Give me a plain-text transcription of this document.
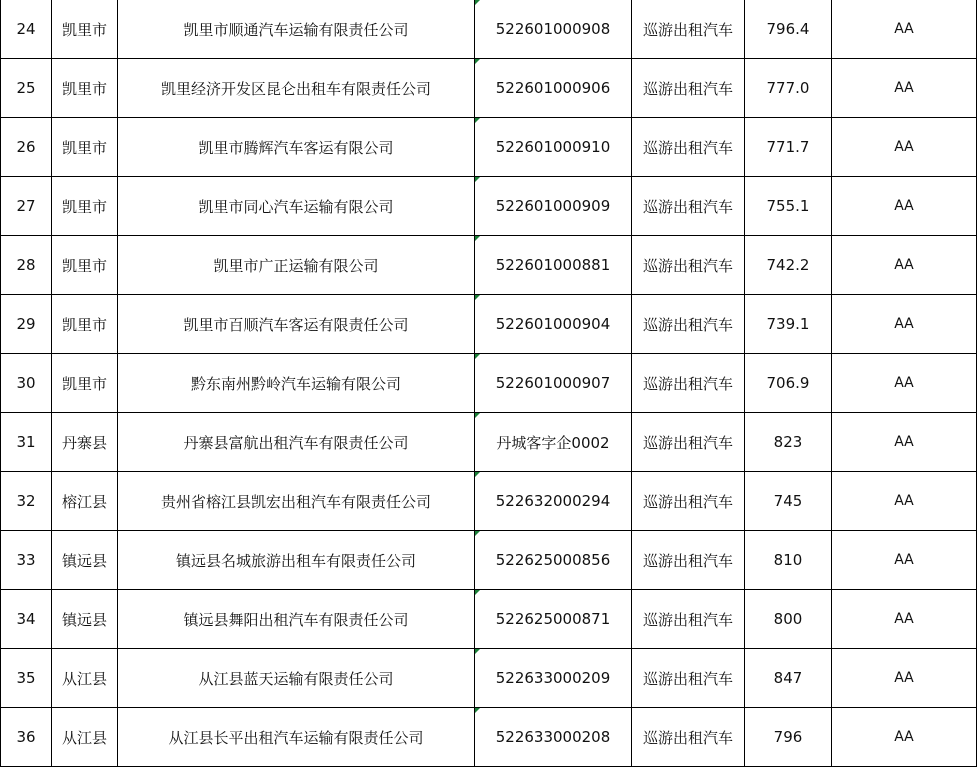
24	凯里市	凯里市顺通汽车运输有限责任公司	522601000908	巡游出租汽车	796.4	AA
25	凯里市	凯里经济开发区昆仑出租车有限责任公司	522601000906	巡游出租汽车	777.0	AA
26	凯里市	凯里市腾辉汽车客运有限公司	522601000910	巡游出租汽车	771.7	AA
27	凯里市	凯里市同心汽车运输有限公司	522601000909	巡游出租汽车	755.1	AA
28	凯里市	凯里市广正运输有限公司	522601000881	巡游出租汽车	742.2	AA
29	凯里市	凯里市百顺汽车客运有限责任公司	522601000904	巡游出租汽车	739.1	AA
30	凯里市	黔东南州黔岭汽车运输有限公司	522601000907	巡游出租汽车	706.9	AA
31	丹寨县	丹寨县富航出租汽车有限责任公司	丹城客字企0002	巡游出租汽车	823	AA
32	榕江县	贵州省榕江县凯宏出租汽车有限责任公司	522632000294	巡游出租汽车	745	AA
33	镇远县	镇远县名城旅游出租车有限责任公司	522625000856	巡游出租汽车	810	AA
34	镇远县	镇远县舞阳出租汽车有限责任公司	522625000871	巡游出租汽车	800	AA
35	从江县	从江县蓝天运输有限责任公司	522633000209	巡游出租汽车	847	AA
36	从江县	从江县长平出租汽车运输有限责任公司	522633000208	巡游出租汽车	796	AA
